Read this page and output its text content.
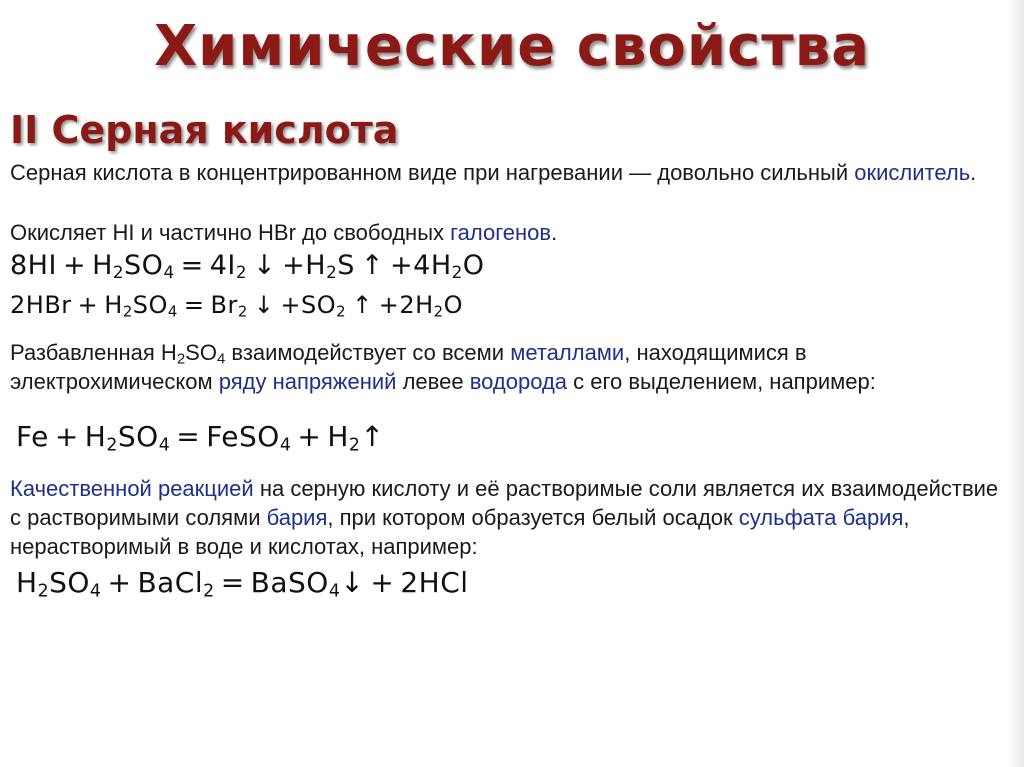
Химические свойства
II Серная кислота
Серная кислота в концентрированном виде при нагревании — довольно сильный окислитель.
Окисляет HI и частично HBr до свободных галогенов.
$8HI + H_2SO_4 = 4I_2$ ↓ $+H_2S$ ↑ $+4H_2O$
$2HBr + H_2SO_4 = Br_2$ ↓ $+SO_2$ ↑ $+2H_2O$
Разбавленная H2SO4 взаимодействует со всеми металлами, находящимися в электрохимическом ряду напряжений левее водорода с его выделением, например:
$Fe + H_2SO_4$ = FeSO$_4$ + $H_2↑$
Качественной реакцией на серную кислоту и её растворимые соли является их взаимодействие с растворимыми солями бария, при котором образуется белый осадок сульфата бария, нерастворимый в воде и кислотах, например:
$H_2SO_4$ + BaCl$_2$ = BaSO$_4$↓ + 2HCl
